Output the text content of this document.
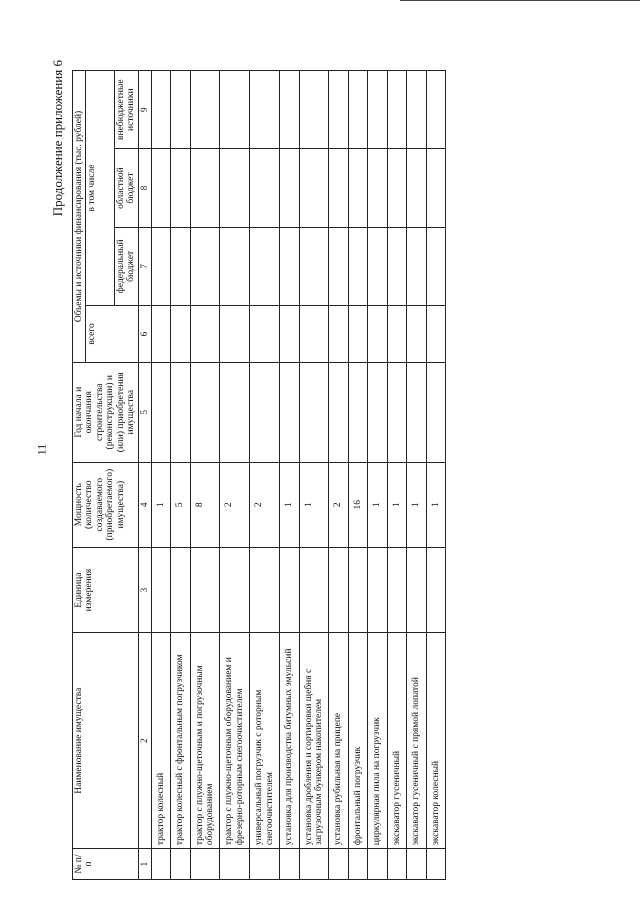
11
Продолжение приложения 6
№ п/п	Наименование имущества	Единица измерения	Мощность (количество создаваемого (приобретаемого) имущества)	Год начала и окончания строительства (реконструкции) и (или) приобретения имущества	Объемы и источники финансирования (тыс. рублей)			
					всего	в том числе		
						федеральный бюджет	областной бюджет	внебюджетные источники
1	2	3	4	5	6	7	8	9
	трактор колесный		1					
	трактор колесный с фронтальным погрузчиком		5					
	трактор с плужно-щеточным и погрузочным оборудованием		8					
	трактор с плужно-щеточным оборудованием и фрезерно-роторным снегоочистителем		2					
	универсальный погрузчик с роторным снегоочистителем		2					
	установка для производства битумных эмульсий		1					
	установка дробления и сортировки щебня с загрузочным бункером накопителем		1					
	установка рубильная на прицепе		2					
	фронтальный погрузчик		16					
	циркулярная пила на погрузчик		1					
	экскаватор гусеничный		1					
	экскаватор гусеничный с прямой лопатой		1					
	экскаватор колесный		1					
